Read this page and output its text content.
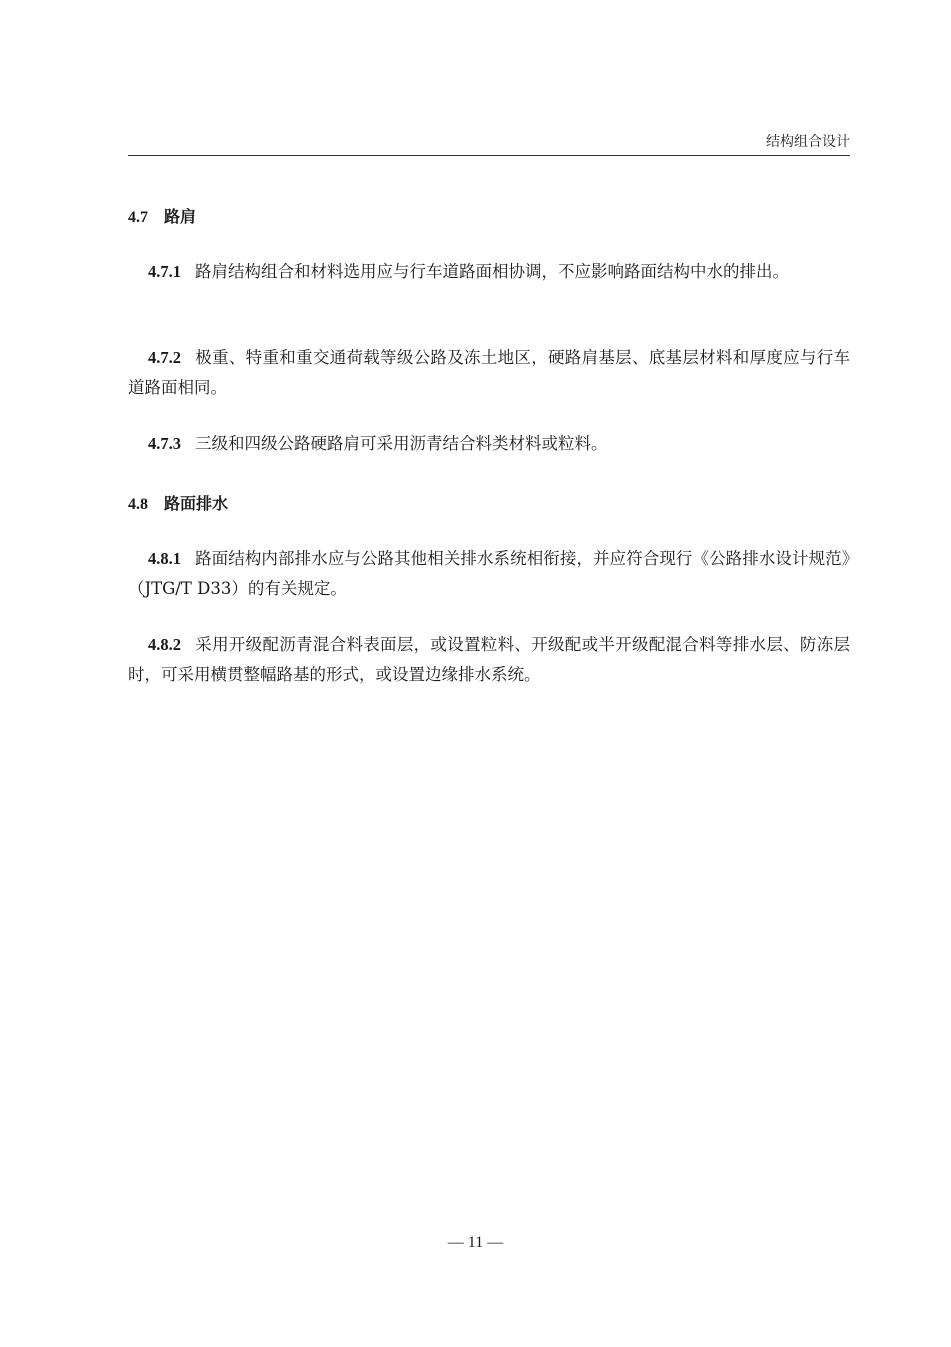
结构组合设计
4.7 路肩
4.7.1 路肩结构组合和材料选用应与行车道路面相协调，不应影响路面结构中水的排出。
4.7.2 极重、特重和重交通荷载等级公路及冻土地区，硬路肩基层、底基层材料和厚度应与行车道路面相同。
4.7.3 三级和四级公路硬路肩可采用沥青结合料类材料或粒料。
4.8 路面排水
4.8.1 路面结构内部排水应与公路其他相关排水系统相衔接，并应符合现行《公路排水设计规范》（JTG/T D33）的有关规定。
4.8.2 采用开级配沥青混合料表面层，或设置粒料、开级配或半开级配混合料等排水层、防冻层时，可采用横贯整幅路基的形式，或设置边缘排水系统。
— 11 —
